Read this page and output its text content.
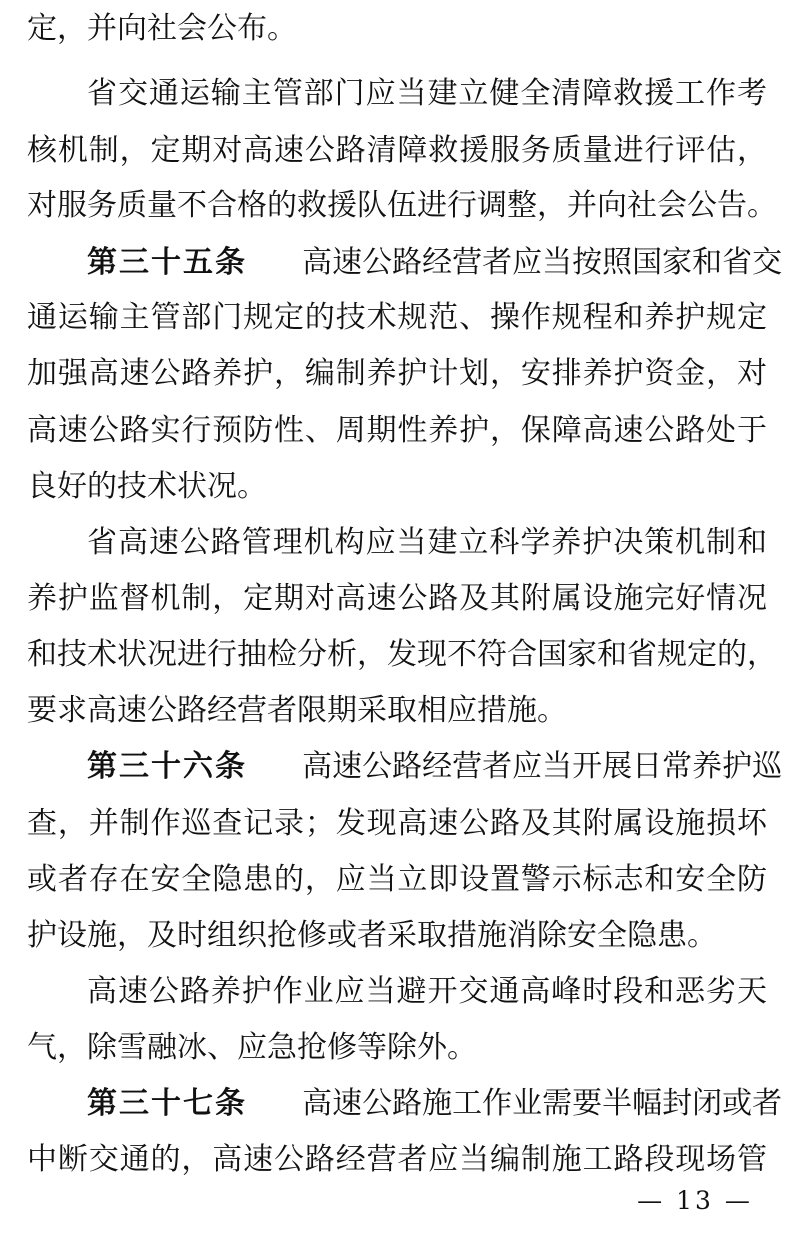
定，并向社会公布。
省交通运输主管部门应当建立健全清障救援工作考
核机制，定期对高速公路清障救援服务质量进行评估，
对服务质量不合格的救援队伍进行调整，并向社会公告。
第三十五条 高速公路经营者应当按照国家和省交
通运输主管部门规定的技术规范、操作规程和养护规定
加强高速公路养护，编制养护计划，安排养护资金，对
高速公路实行预防性、周期性养护，保障高速公路处于
良好的技术状况。
省高速公路管理机构应当建立科学养护决策机制和
养护监督机制，定期对高速公路及其附属设施完好情况
和技术状况进行抽检分析，发现不符合国家和省规定的，
要求高速公路经营者限期采取相应措施。
第三十六条 高速公路经营者应当开展日常养护巡
查，并制作巡查记录；发现高速公路及其附属设施损坏
或者存在安全隐患的，应当立即设置警示标志和安全防
护设施，及时组织抢修或者采取措施消除安全隐患。
高速公路养护作业应当避开交通高峰时段和恶劣天
气，除雪融冰、应急抢修等除外。
第三十七条 高速公路施工作业需要半幅封闭或者
中断交通的，高速公路经营者应当编制施工路段现场管
— 13 —
